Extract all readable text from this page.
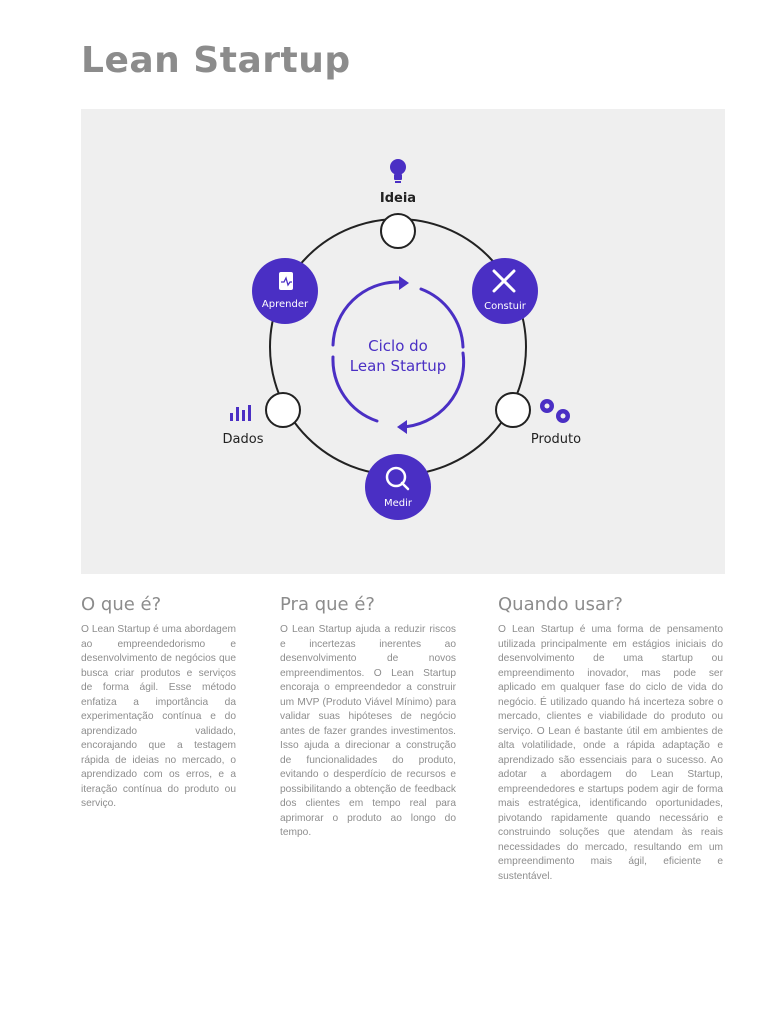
Lean Startup
Ciclo do
Lean Startup
Ideia
Constuir
Produto
Medir
Dados
Aprender
O que é?

O Lean Startup é uma abordagem ao empreendedorismo e desenvolvimento de negócios que busca criar produtos e serviços de forma ágil. Esse método enfatiza a importância da experimentação contínua e do aprendizado validado, encorajando que a testagem rápida de ideias no mercado, o aprendizado com os erros, e a iteração contínua do produto ou serviço.

Pra que é?

O Lean Startup ajuda a reduzir riscos e incertezas inerentes ao desenvolvimento de novos empreendimentos. O Lean Startup encoraja o empreendedor a construir um MVP (Produto Viável Mínimo) para validar suas hipóteses de negócio antes de fazer grandes investimentos. Isso ajuda a direcionar a construção de funcionalidades do produto, evitando o desperdício de recursos e possibilitando a obtenção de feedback dos clientes em tempo real para aprimorar o produto ao longo do tempo.

Quando usar?

O Lean Startup é uma forma de pensamento utilizada principalmente em estágios iniciais do desenvolvimento de uma startup ou empreendimento inovador, mas pode ser aplicado em qualquer fase do ciclo de vida do negócio. É utilizado quando há incerteza sobre o mercado, clientes e viabilidade do produto ou serviço. O Lean é bastante útil em ambientes de alta volatilidade, onde a rápida adaptação e aprendizado são essenciais para o sucesso. Ao adotar a abordagem do Lean Startup, empreendedores e startups podem agir de forma mais estratégica, identificando oportunidades, pivotando rapidamente quando necessário e construindo soluções que atendam às reais necessidades do mercado, resultando em um empreendimento mais ágil, eficiente e sustentável.
